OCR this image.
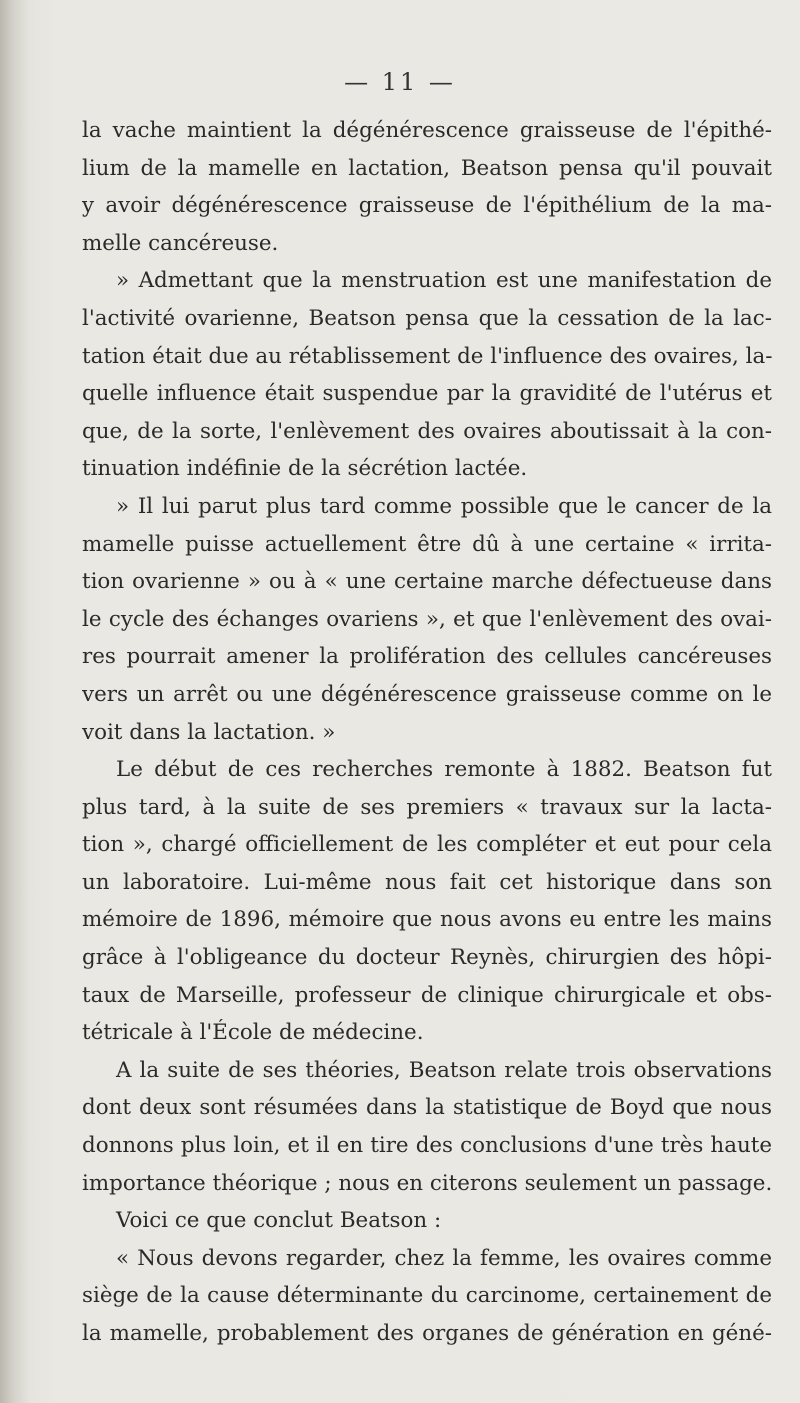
— 11 —
la vache maintient la dégénérescence graisseuse de l'épithé-
lium de la mamelle en lactation, Beatson pensa qu'il pouvait
y avoir dégénérescence graisseuse de l'épithélium de la ma-
melle cancéreuse.
» Admettant que la menstruation est une manifestation de
l'activité ovarienne, Beatson pensa que la cessation de la lac-
tation était due au rétablissement de l'influence des ovaires, la-
quelle influence était suspendue par la gravidité de l'utérus et
que, de la sorte, l'enlèvement des ovaires aboutissait à la con-
tinuation indéfinie de la sécrétion lactée.
» Il lui parut plus tard comme possible que le cancer de la
mamelle puisse actuellement être dû à une certaine « irrita-
tion ovarienne » ou à « une certaine marche défectueuse dans
le cycle des échanges ovariens », et que l'enlèvement des ovai-
res pourrait amener la prolifération des cellules cancéreuses
vers un arrêt ou une dégénérescence graisseuse comme on le
voit dans la lactation. »
Le début de ces recherches remonte à 1882. Beatson fut
plus tard, à la suite de ses premiers « travaux sur la lacta-
tion », chargé officiellement de les compléter et eut pour cela
un laboratoire. Lui-même nous fait cet historique dans son
mémoire de 1896, mémoire que nous avons eu entre les mains
grâce à l'obligeance du docteur Reynès, chirurgien des hôpi-
taux de Marseille, professeur de clinique chirurgicale et obs-
tétricale à l'École de médecine.
A la suite de ses théories, Beatson relate trois observations
dont deux sont résumées dans la statistique de Boyd que nous
donnons plus loin, et il en tire des conclusions d'une très haute
importance théorique ; nous en citerons seulement un passage.
Voici ce que conclut Beatson :
« Nous devons regarder, chez la femme, les ovaires comme
siège de la cause déterminante du carcinome, certainement de
la mamelle, probablement des organes de génération en géné-
